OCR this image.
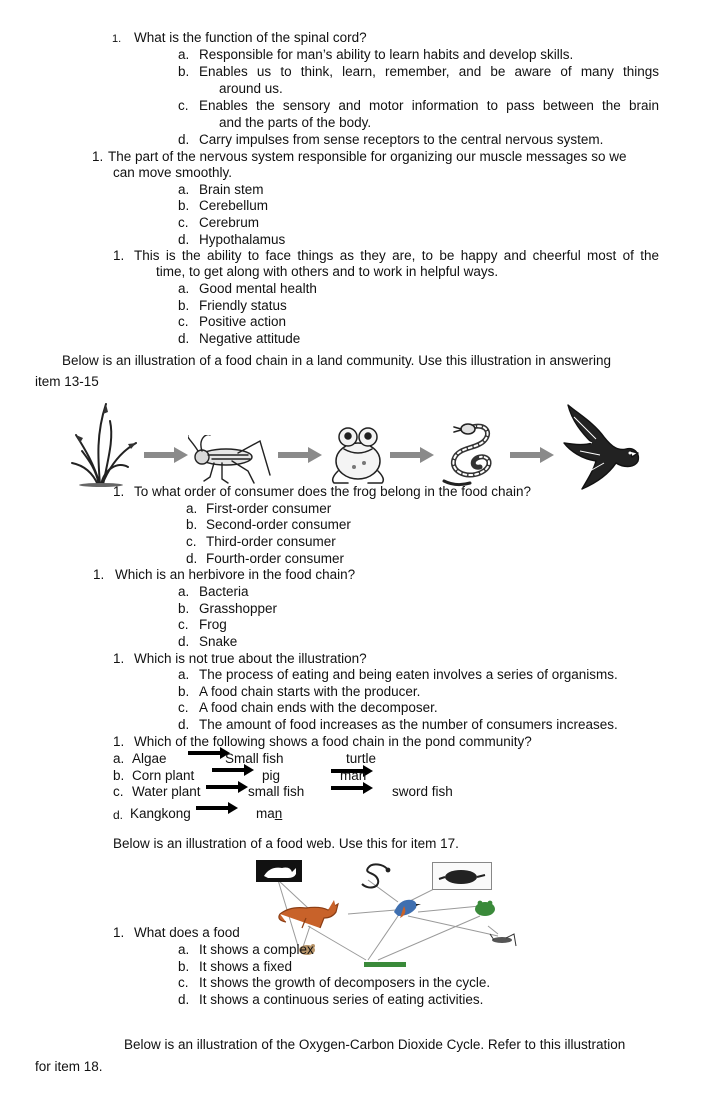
1. What is the function of the spinal cord?
a. Responsible for man’s ability to learn habits and develop skills.
b. Enables us to think, learn, remember, and be aware of many things
around us.
c. Enables the sensory and motor information to pass between the brain
and the parts of the body.
d. Carry impulses from sense receptors to the central nervous system.
1. The part of the nervous system responsible for organizing our muscle messages so we
can move smoothly.
a. Brain stem
b. Cerebellum
c. Cerebrum
d. Hypothalamus
1. This is the ability to face things as they are, to be happy and cheerful most of the
time, to get along with others and to work in helpful ways.
a. Good mental health
b. Friendly status
c. Positive action
d. Negative attitude
Below is an illustration of a food chain in a land community. Use this illustration in answering
item 13-15
1. To what order of consumer does the frog belong in the food chain?
a. First-order consumer
b. Second-order consumer
c. Third-order consumer
d. Fourth-order consumer
1. Which is an herbivore in the food chain?
a. Bacteria
b. Grasshopper
c. Frog
d. Snake
1. Which is not true about the illustration?
a. The process of eating and being eaten involves a series of organisms.
b. A food chain starts with the producer.
c. A food chain ends with the decomposer.
d. The amount of food increases as the number of consumers increases.
1. Which of the following shows a food chain in the pond community?
a. Algae	Small fish	turtle
b. Corn plant	pig	man
c. Water plant	small fish	sword fish
d. Kangkong	man
Below is an illustration of a food web. Use this for item 17.
1. What does a food
a. It shows a complex
b. It shows a fixed
c. It shows the growth of decomposers in the cycle.
d. It shows a continuous series of eating activities.
Below is an illustration of the Oxygen-Carbon Dioxide Cycle. Refer to this illustration
for item 18.
